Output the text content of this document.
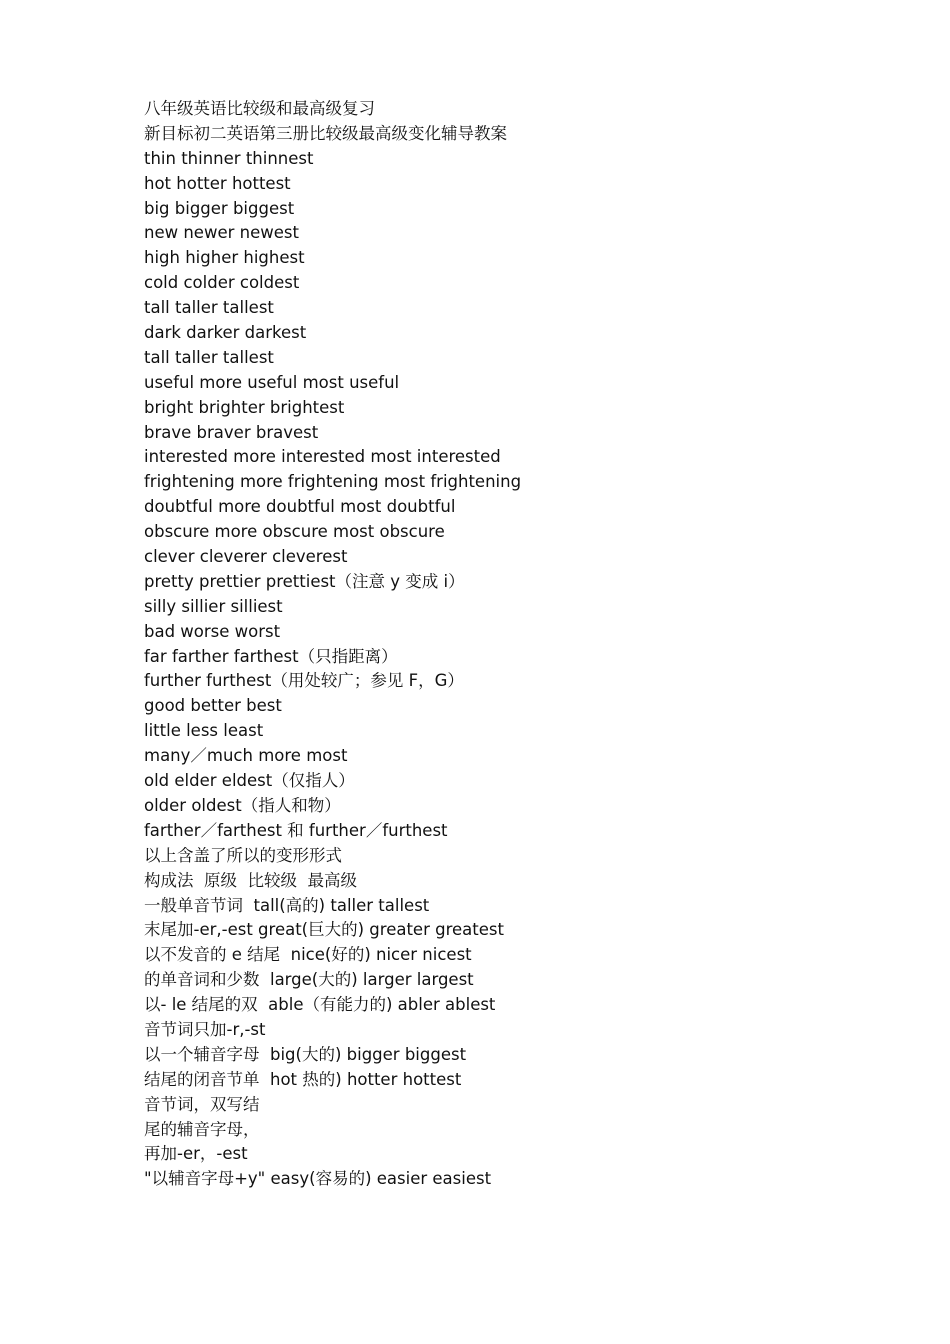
八年级英语比较级和最高级复习
新目标初二英语第三册比较级最高级变化辅导教案
thin thinner thinnest
hot hotter hottest
big bigger biggest
new newer newest
high higher highest
cold colder coldest
tall taller tallest
dark darker darkest
tall taller tallest
useful more useful most useful
bright brighter brightest
brave braver bravest
interested more interested most interested
frightening more frightening most frightening
doubtful more doubtful most doubtful
obscure more obscure most obscure
clever cleverer cleverest
pretty prettier prettiest（注意 y 变成 i）
silly sillier silliest
bad worse worst
far farther farthest（只指距离）
further furthest（用处较广；参见 F，G）
good better best
little less least
many／much more most
old elder eldest（仅指人）
older oldest（指人和物）
farther／farthest 和 further／furthest
以上含盖了所以的变形形式
构成法  原级  比较级  最高级
一般单音节词  tall(高的) taller tallest
末尾加-er,-est great(巨大的) greater greatest
以不发音的 e 结尾  nice(好的) nicer nicest
的单音词和少数  large(大的) larger largest
以- le 结尾的双  able（有能力的) abler ablest
音节词只加-r,-st
以一个辅音字母  big(大的) bigger biggest
结尾的闭音节单  hot 热的) hotter hottest
音节词，双写结
尾的辅音字母，
再加-er，-est
"以辅音字母+y" easy(容易的) easier easiest
